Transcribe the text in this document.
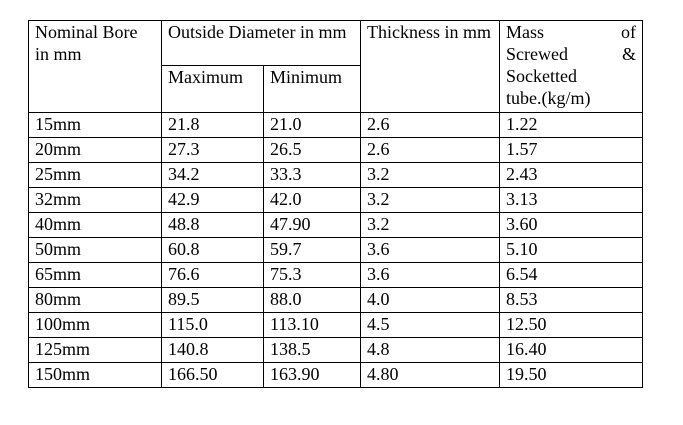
Nominal Bore in mm	Outside Diameter in mm		Thickness in mm	Mass of
Screwed &
Socketted
tube.(kg/m)

	Maximum	Minimum		
15mm	21.8	21.0	2.6	1.22
20mm	27.3	26.5	2.6	1.57
25mm	34.2	33.3	3.2	2.43
32mm	42.9	42.0	3.2	3.13
40mm	48.8	47.90	3.2	3.60
50mm	60.8	59.7	3.6	5.10
65mm	76.6	75.3	3.6	6.54
80mm	89.5	88.0	4.0	8.53
100mm	115.0	113.10	4.5	12.50
125mm	140.8	138.5	4.8	16.40
150mm	166.50	163.90	4.80	19.50
